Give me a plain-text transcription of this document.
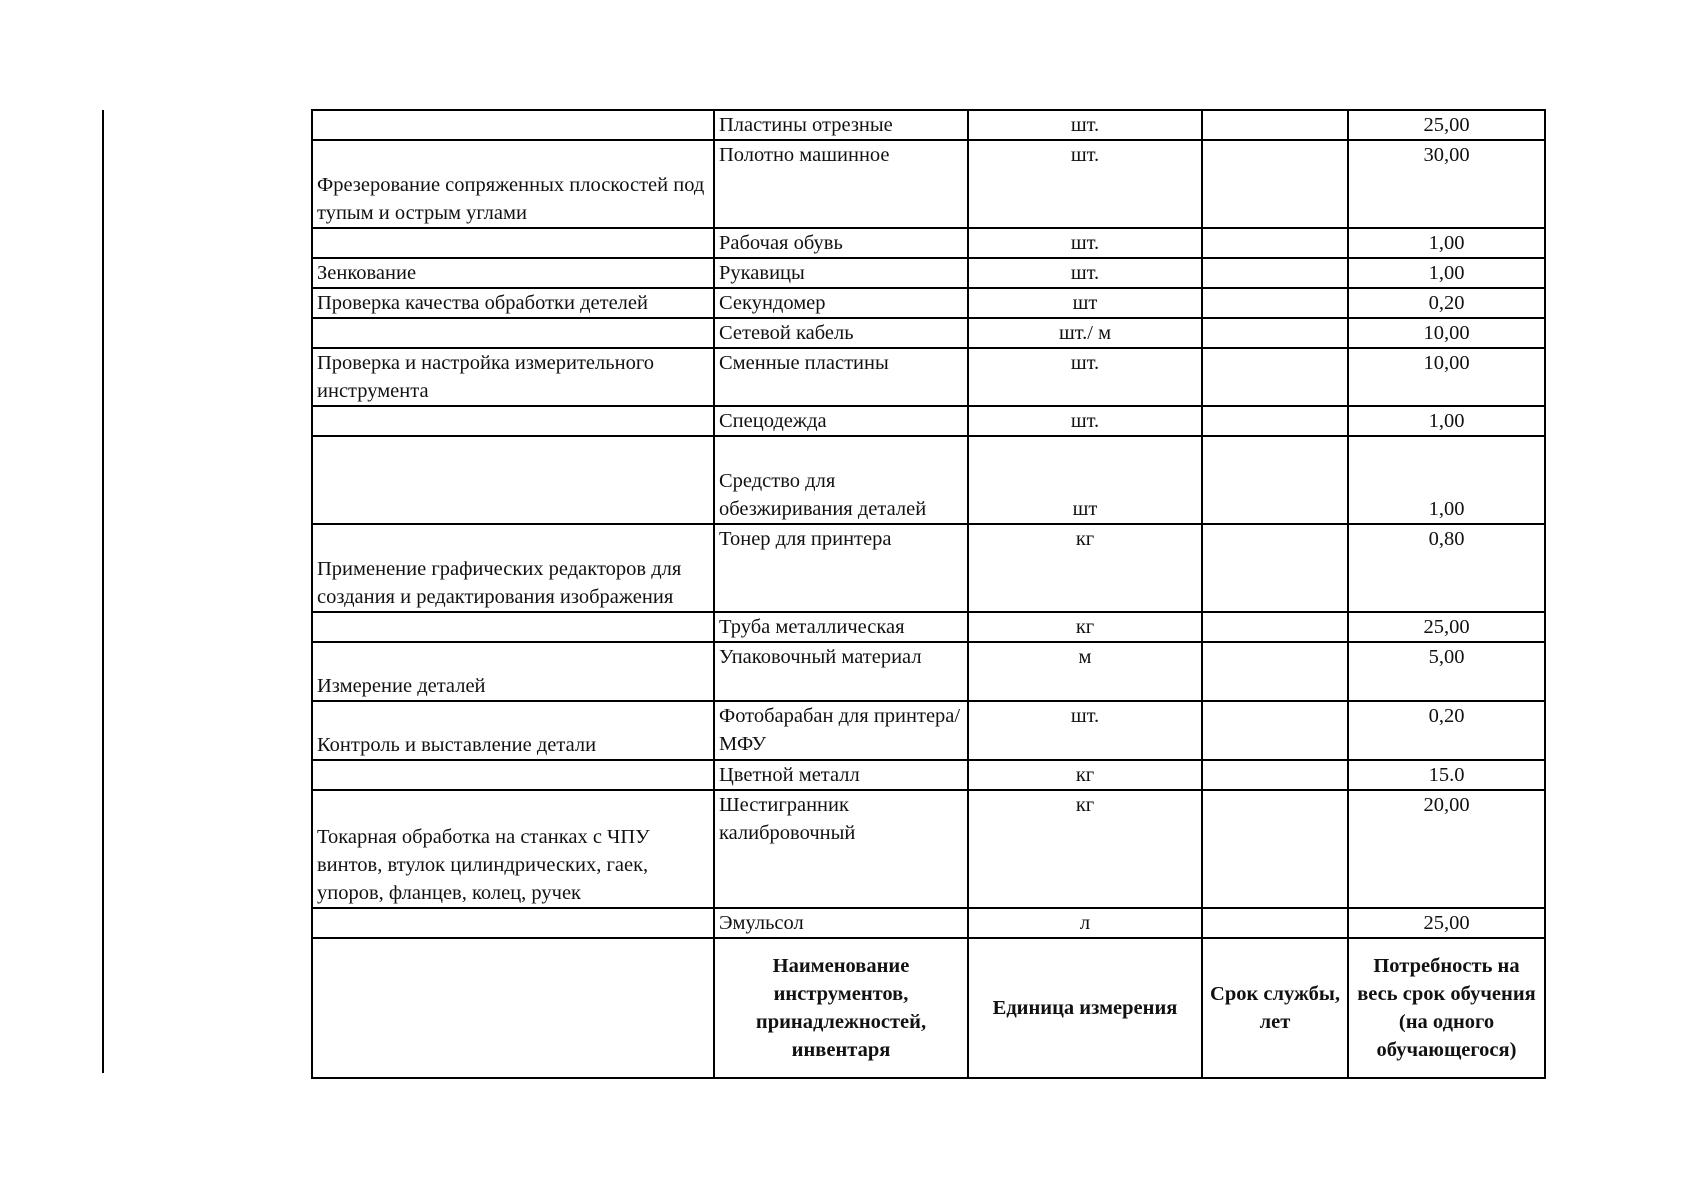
	Пластины отрезные	шт.		25,00
Фрезерование сопряженных плоскостей под тупым и острым углами	Полотно машинное	шт.		30,00
	Рабочая обувь	шт.		1,00
Зенкование	Рукавицы	шт.		1,00
Проверка качества обработки детелей	Секундомер	шт		0,20
	Сетевой кабель	шт./ м		10,00
Проверка и настройка измерительного инструмента	Сменные пластины	шт.		10,00
	Спецодежда	шт.		1,00
	Средство для обезжиривания деталей	шт		1,00
Применение графических редакторов для создания и редактирования изображения	Тонер для принтера	кг		0,80
	Труба металлическая	кг		25,00
Измерение деталей	Упаковочный материал	м		5,00
Контроль и выставление детали	Фотобарабан для принтера/МФУ	шт.		0,20
	Цветной металл	кг		15.0
Токарная обработка на станках с ЧПУ винтов, втулок цилиндрических, гаек, упоров, фланцев, колец, ручек	Шестигранник калибровочный	кг		20,00
	Эмульсол	л		25,00
	Наименование инструментов, принадлежностей, инвентаря	Единица измерения	Срок службы, лет	Потребность на весь срок обучения (на одного обучающегося)
